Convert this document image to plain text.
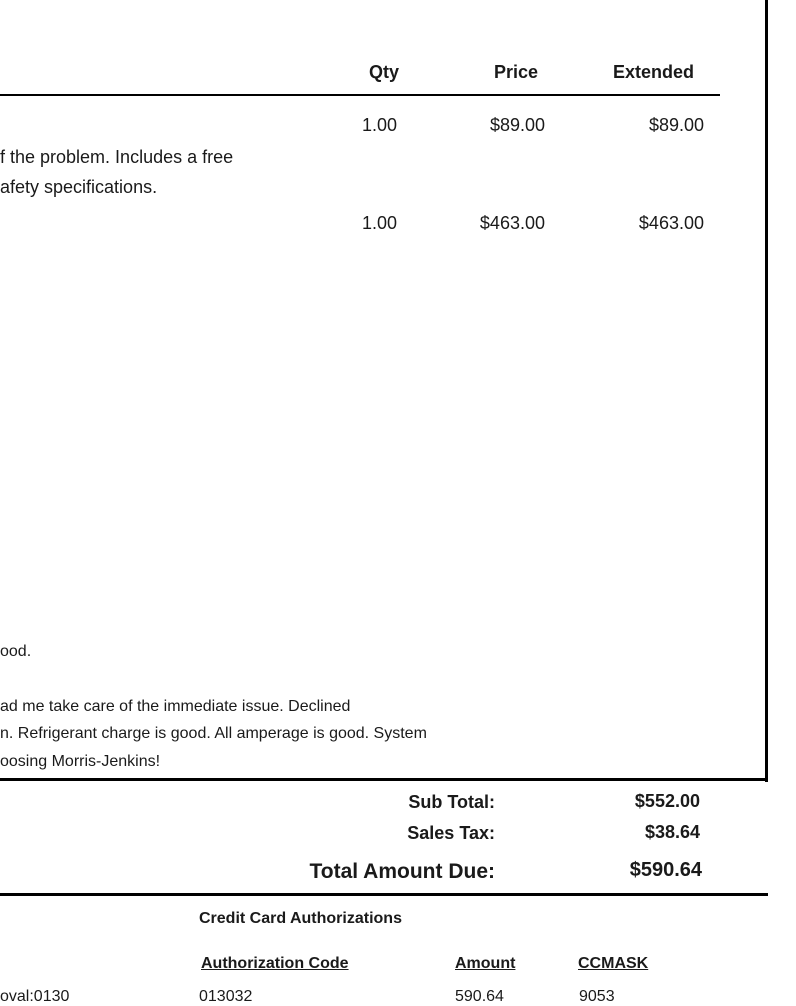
Qty	Price	Extended
1.00	$89.00	$89.00
f the problem. Includes a free
afety specifications.
1.00	$463.00	$463.00
ood.
ad me take care of the immediate issue. Declined
n. Refrigerant charge is good. All amperage is good. System
oosing Morris-Jenkins!
Sub Total:	$552.00
Sales Tax:	$38.64
Total Amount Due:	$590.64
Credit Card Authorizations
Authorization Code	Amount	CCMASK
oval:0130	013032	590.64	9053
